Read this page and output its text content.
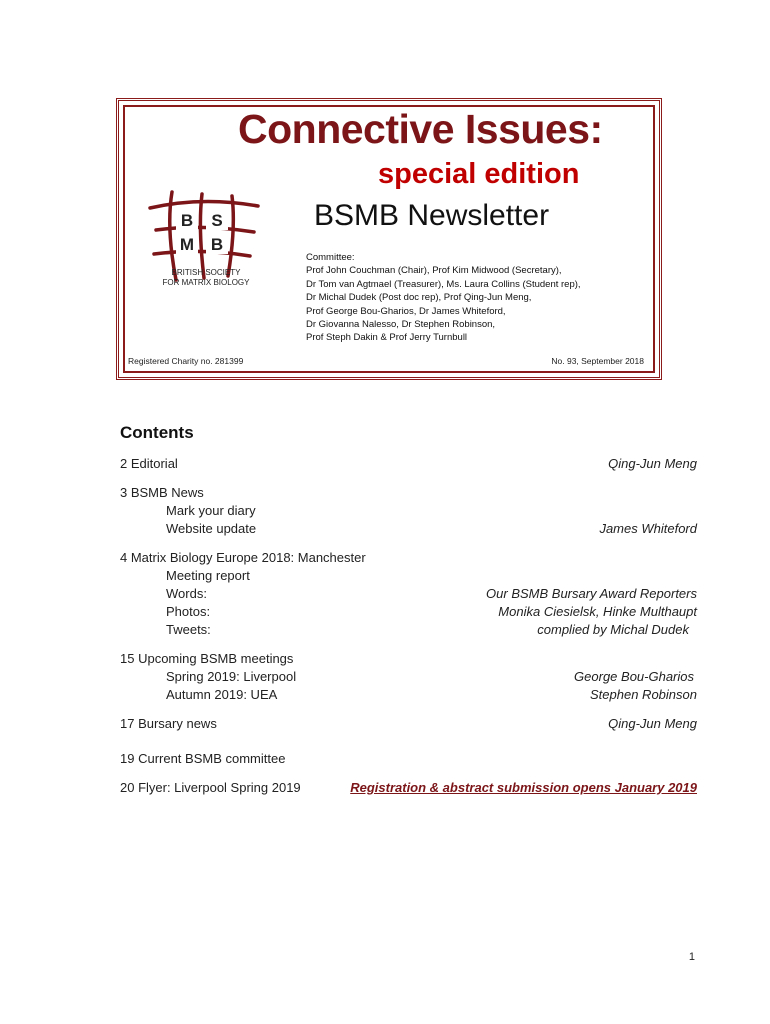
Connective Issues:
special edition
BSMB Newsletter
B S
M B
BRITISH SOCIETY
FOR MATRIX BIOLOGY
Committee:
Prof John Couchman (Chair), Prof Kim Midwood (Secretary),
Dr Tom van Agtmael (Treasurer), Ms. Laura Collins (Student rep),
Dr Michal Dudek (Post doc rep), Prof Qing-Jun Meng,
Prof George Bou-Gharios, Dr James Whiteford,
Dr Giovanna Nalesso, Dr Stephen Robinson,
Prof Steph Dakin & Prof Jerry Turnbull
Registered Charity no. 281399	No. 93, September 2018
Contents
2 Editorial	Qing-Jun Meng
3 BSMB News
Mark your diary
Website update	James Whiteford
4 Matrix Biology Europe 2018: Manchester
Meeting report
Words:	Our BSMB Bursary Award Reporters
Photos:	Monika Ciesielsk, Hinke Multhaupt
Tweets:	complied by Michal Dudek
15 Upcoming BSMB meetings
Spring 2019: Liverpool	George Bou-Gharios
Autumn 2019: UEA	Stephen Robinson
17 Bursary news	Qing-Jun Meng
19 Current BSMB committee
20 Flyer: Liverpool Spring 2019	Registration & abstract submission opens January 2019
1
